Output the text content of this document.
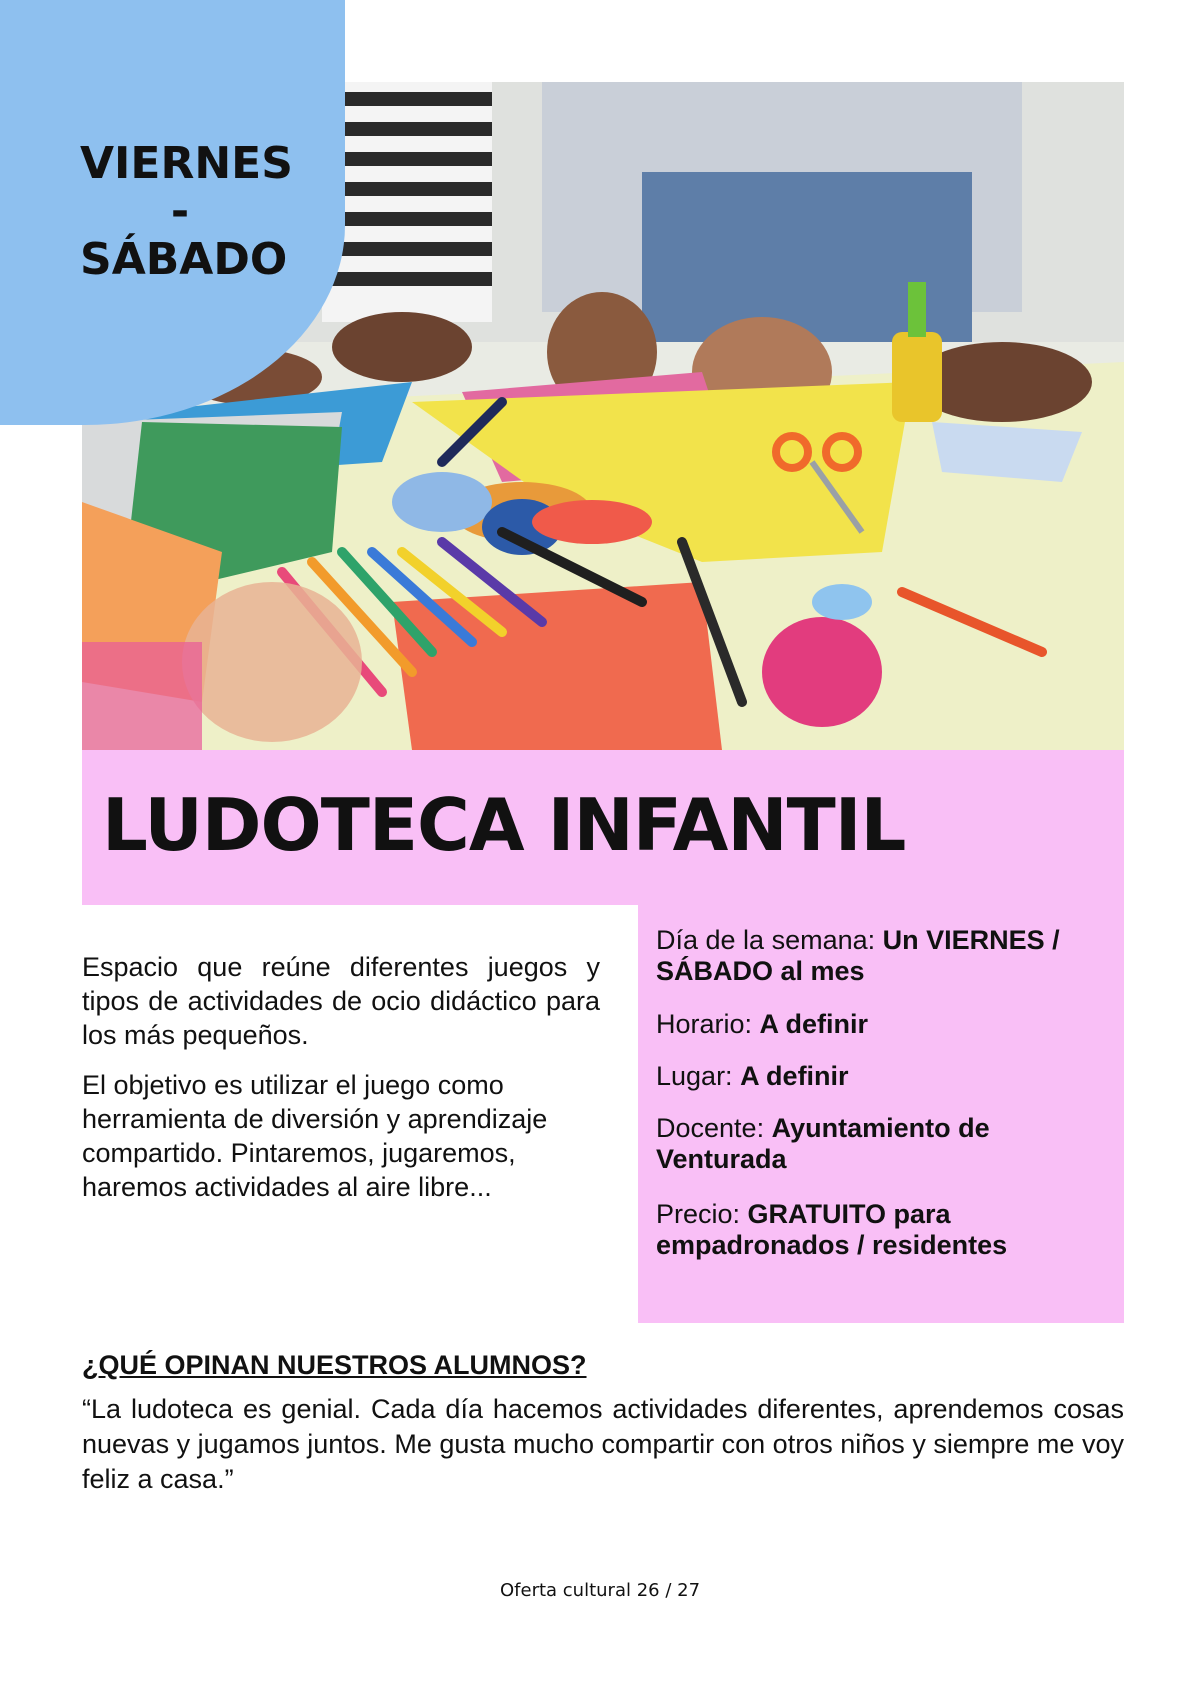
VIERNES
-
SÁBADO
LUDOTECA INFANTIL

Espacio que reúne diferentes juegos y tipos de actividades de ocio didáctico para los más pequeños.

El objetivo es utilizar el juego como herramienta de diversión y aprendizaje compartido. Pintaremos, jugaremos, haremos actividades al aire libre...

Día de la semana: Un VIERNES / SÁBADO al mes
Horario: A definir
Lugar: A definir
Docente: Ayuntamiento de Venturada
Precio: GRATUITO para empadronados / residentes
¿QUÉ OPINAN NUESTROS ALUMNOS?

“La ludoteca es genial. Cada día hacemos actividades diferentes, aprendemos cosas nuevas y jugamos juntos. Me gusta mucho compartir con otros niños y siempre me voy feliz a casa.”

Oferta cultural 26 / 27
